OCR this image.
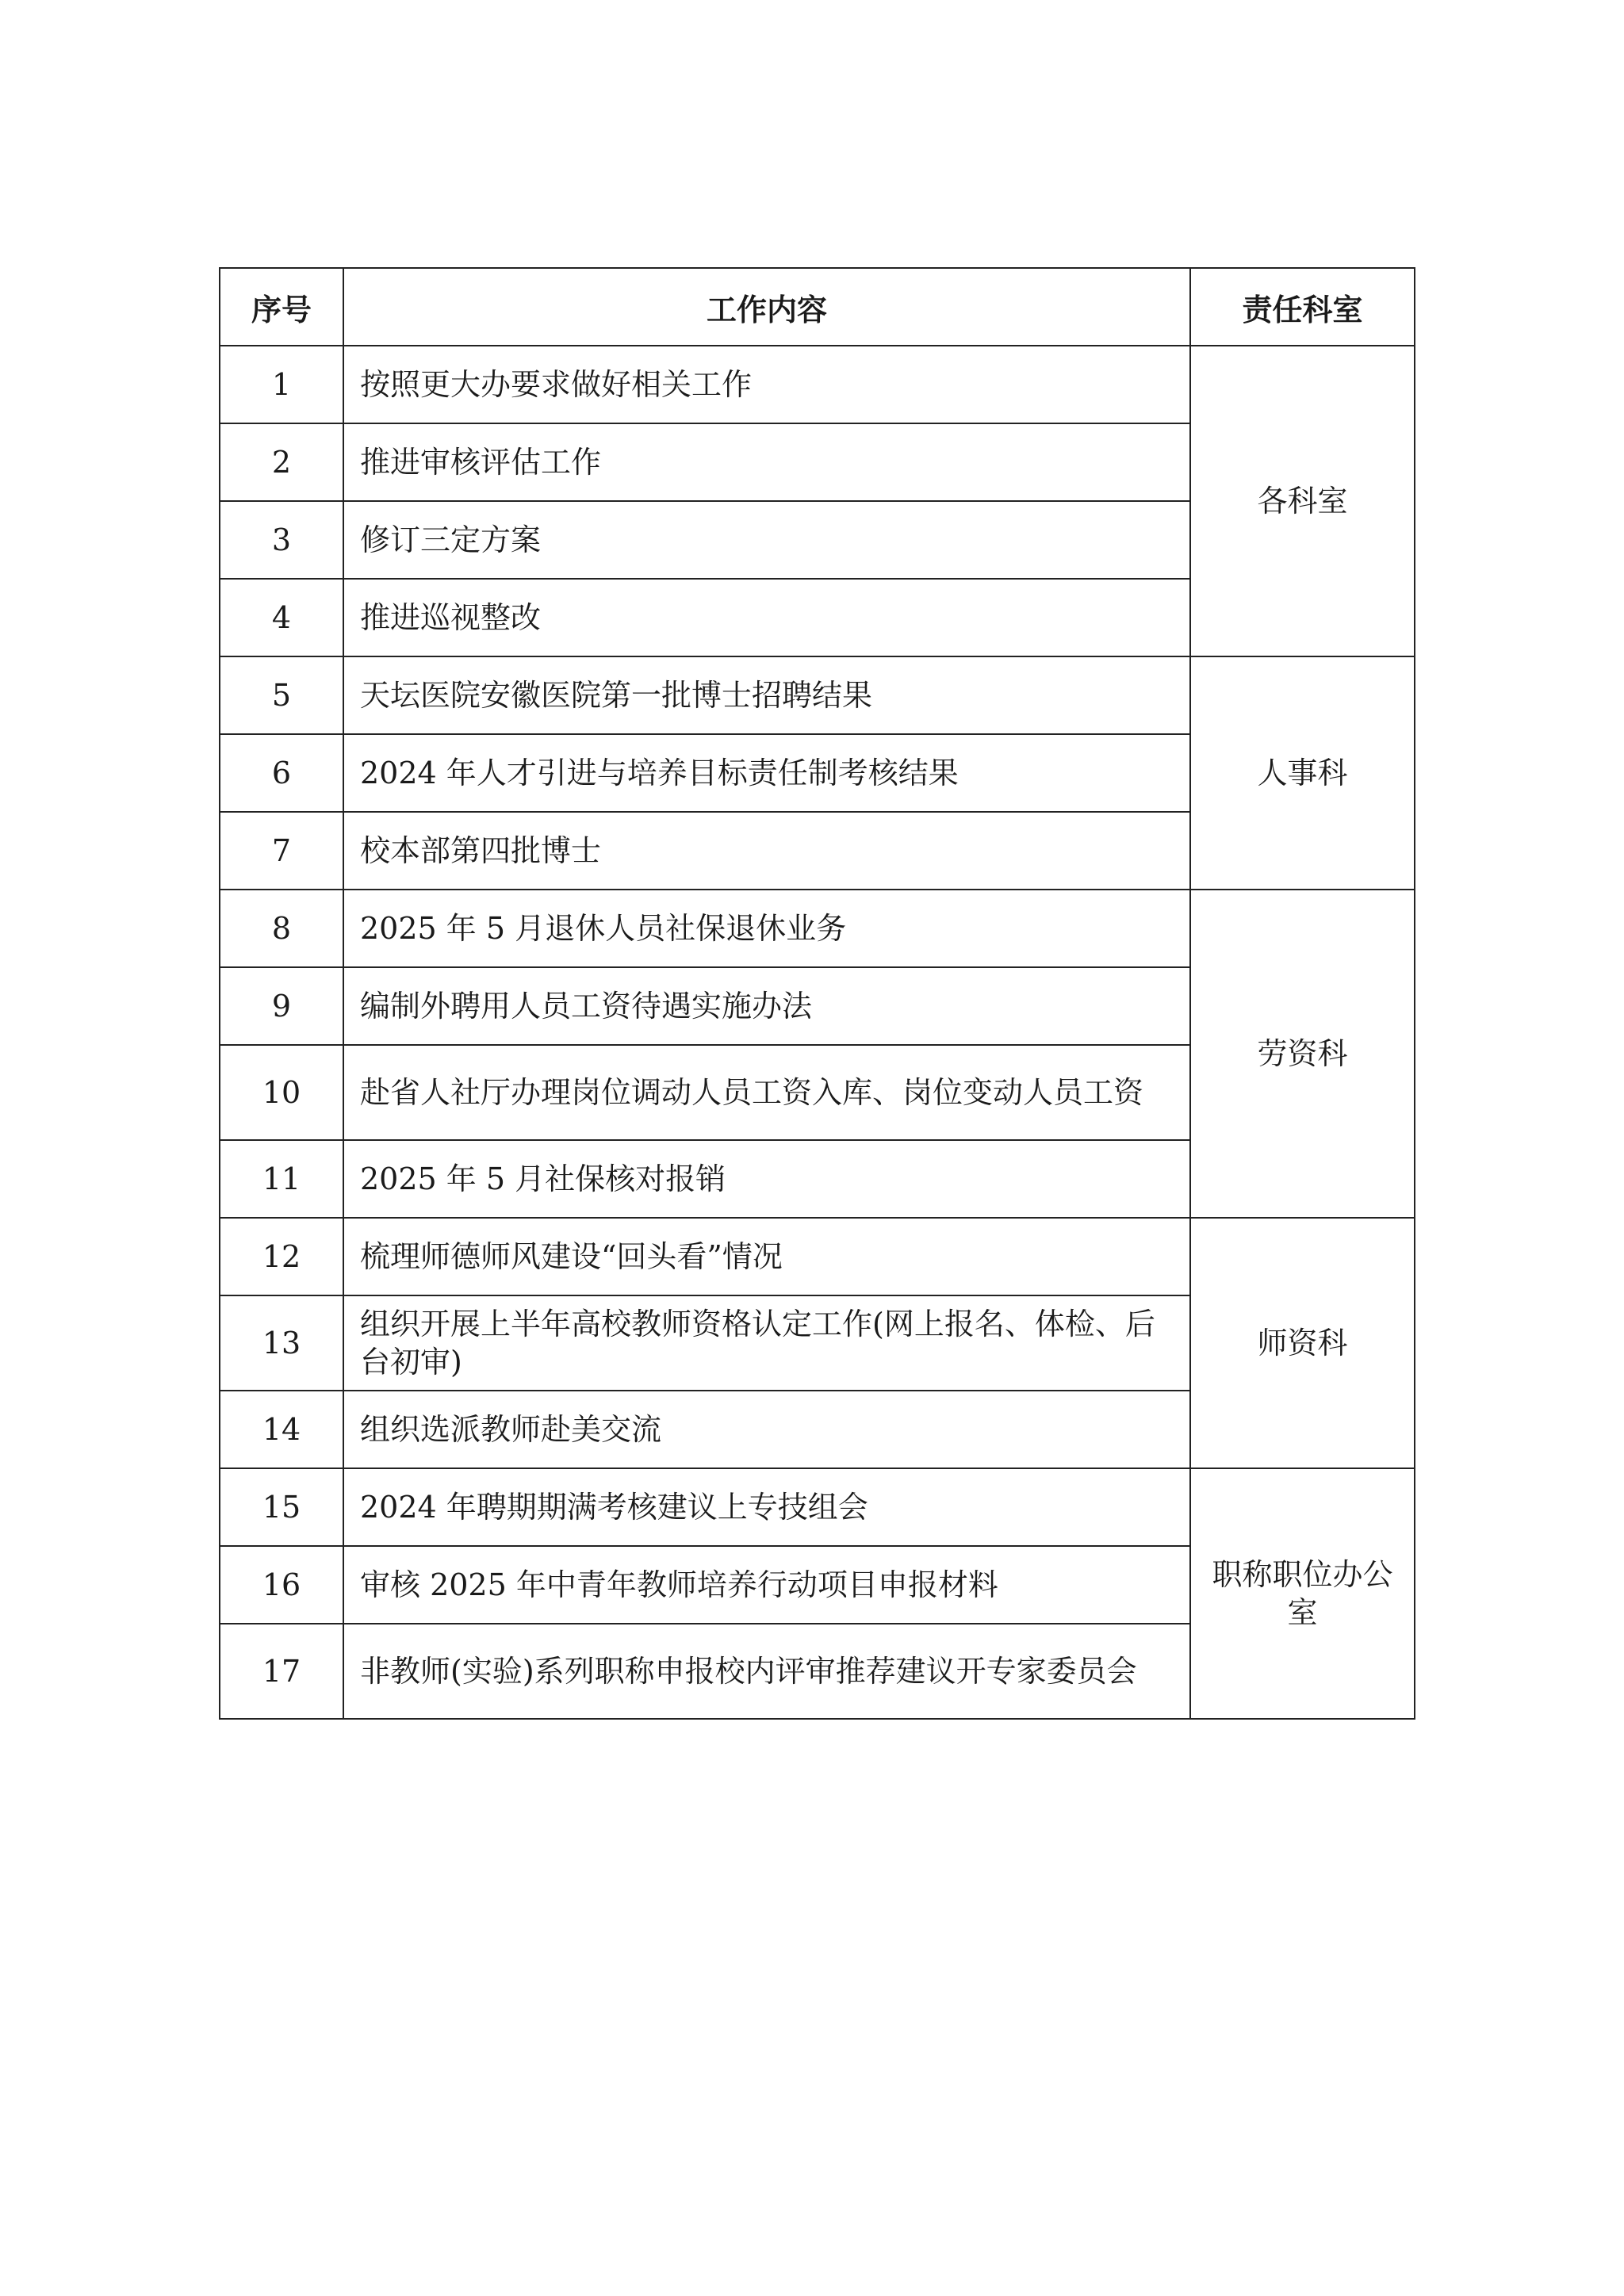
序号	工作内容	责任科室
1	按照更大办要求做好相关工作	各科室
2	推进审核评估工作	
3	修订三定方案	
4	推进巡视整改	
5	天坛医院安徽医院第一批博士招聘结果	人事科
6	2024 年人才引进与培养目标责任制考核结果	
7	校本部第四批博士	
8	2025 年 5 月退休人员社保退休业务	劳资科
9	编制外聘用人员工资待遇实施办法	
10	赴省人社厅办理岗位调动人员工资入库、岗位变动人员工资	
11	2025 年 5 月社保核对报销	
12	梳理师德师风建设“回头看”情况	师资科
13	组织开展上半年高校教师资格认定工作(网上报名、体检、后台初审)	
14	组织选派教师赴美交流	
15	2024 年聘期期满考核建议上专技组会	职称职位办公室
16	审核 2025 年中青年教师培养行动项目申报材料	
17	非教师(实验)系列职称申报校内评审推荐建议开专家委员会	
